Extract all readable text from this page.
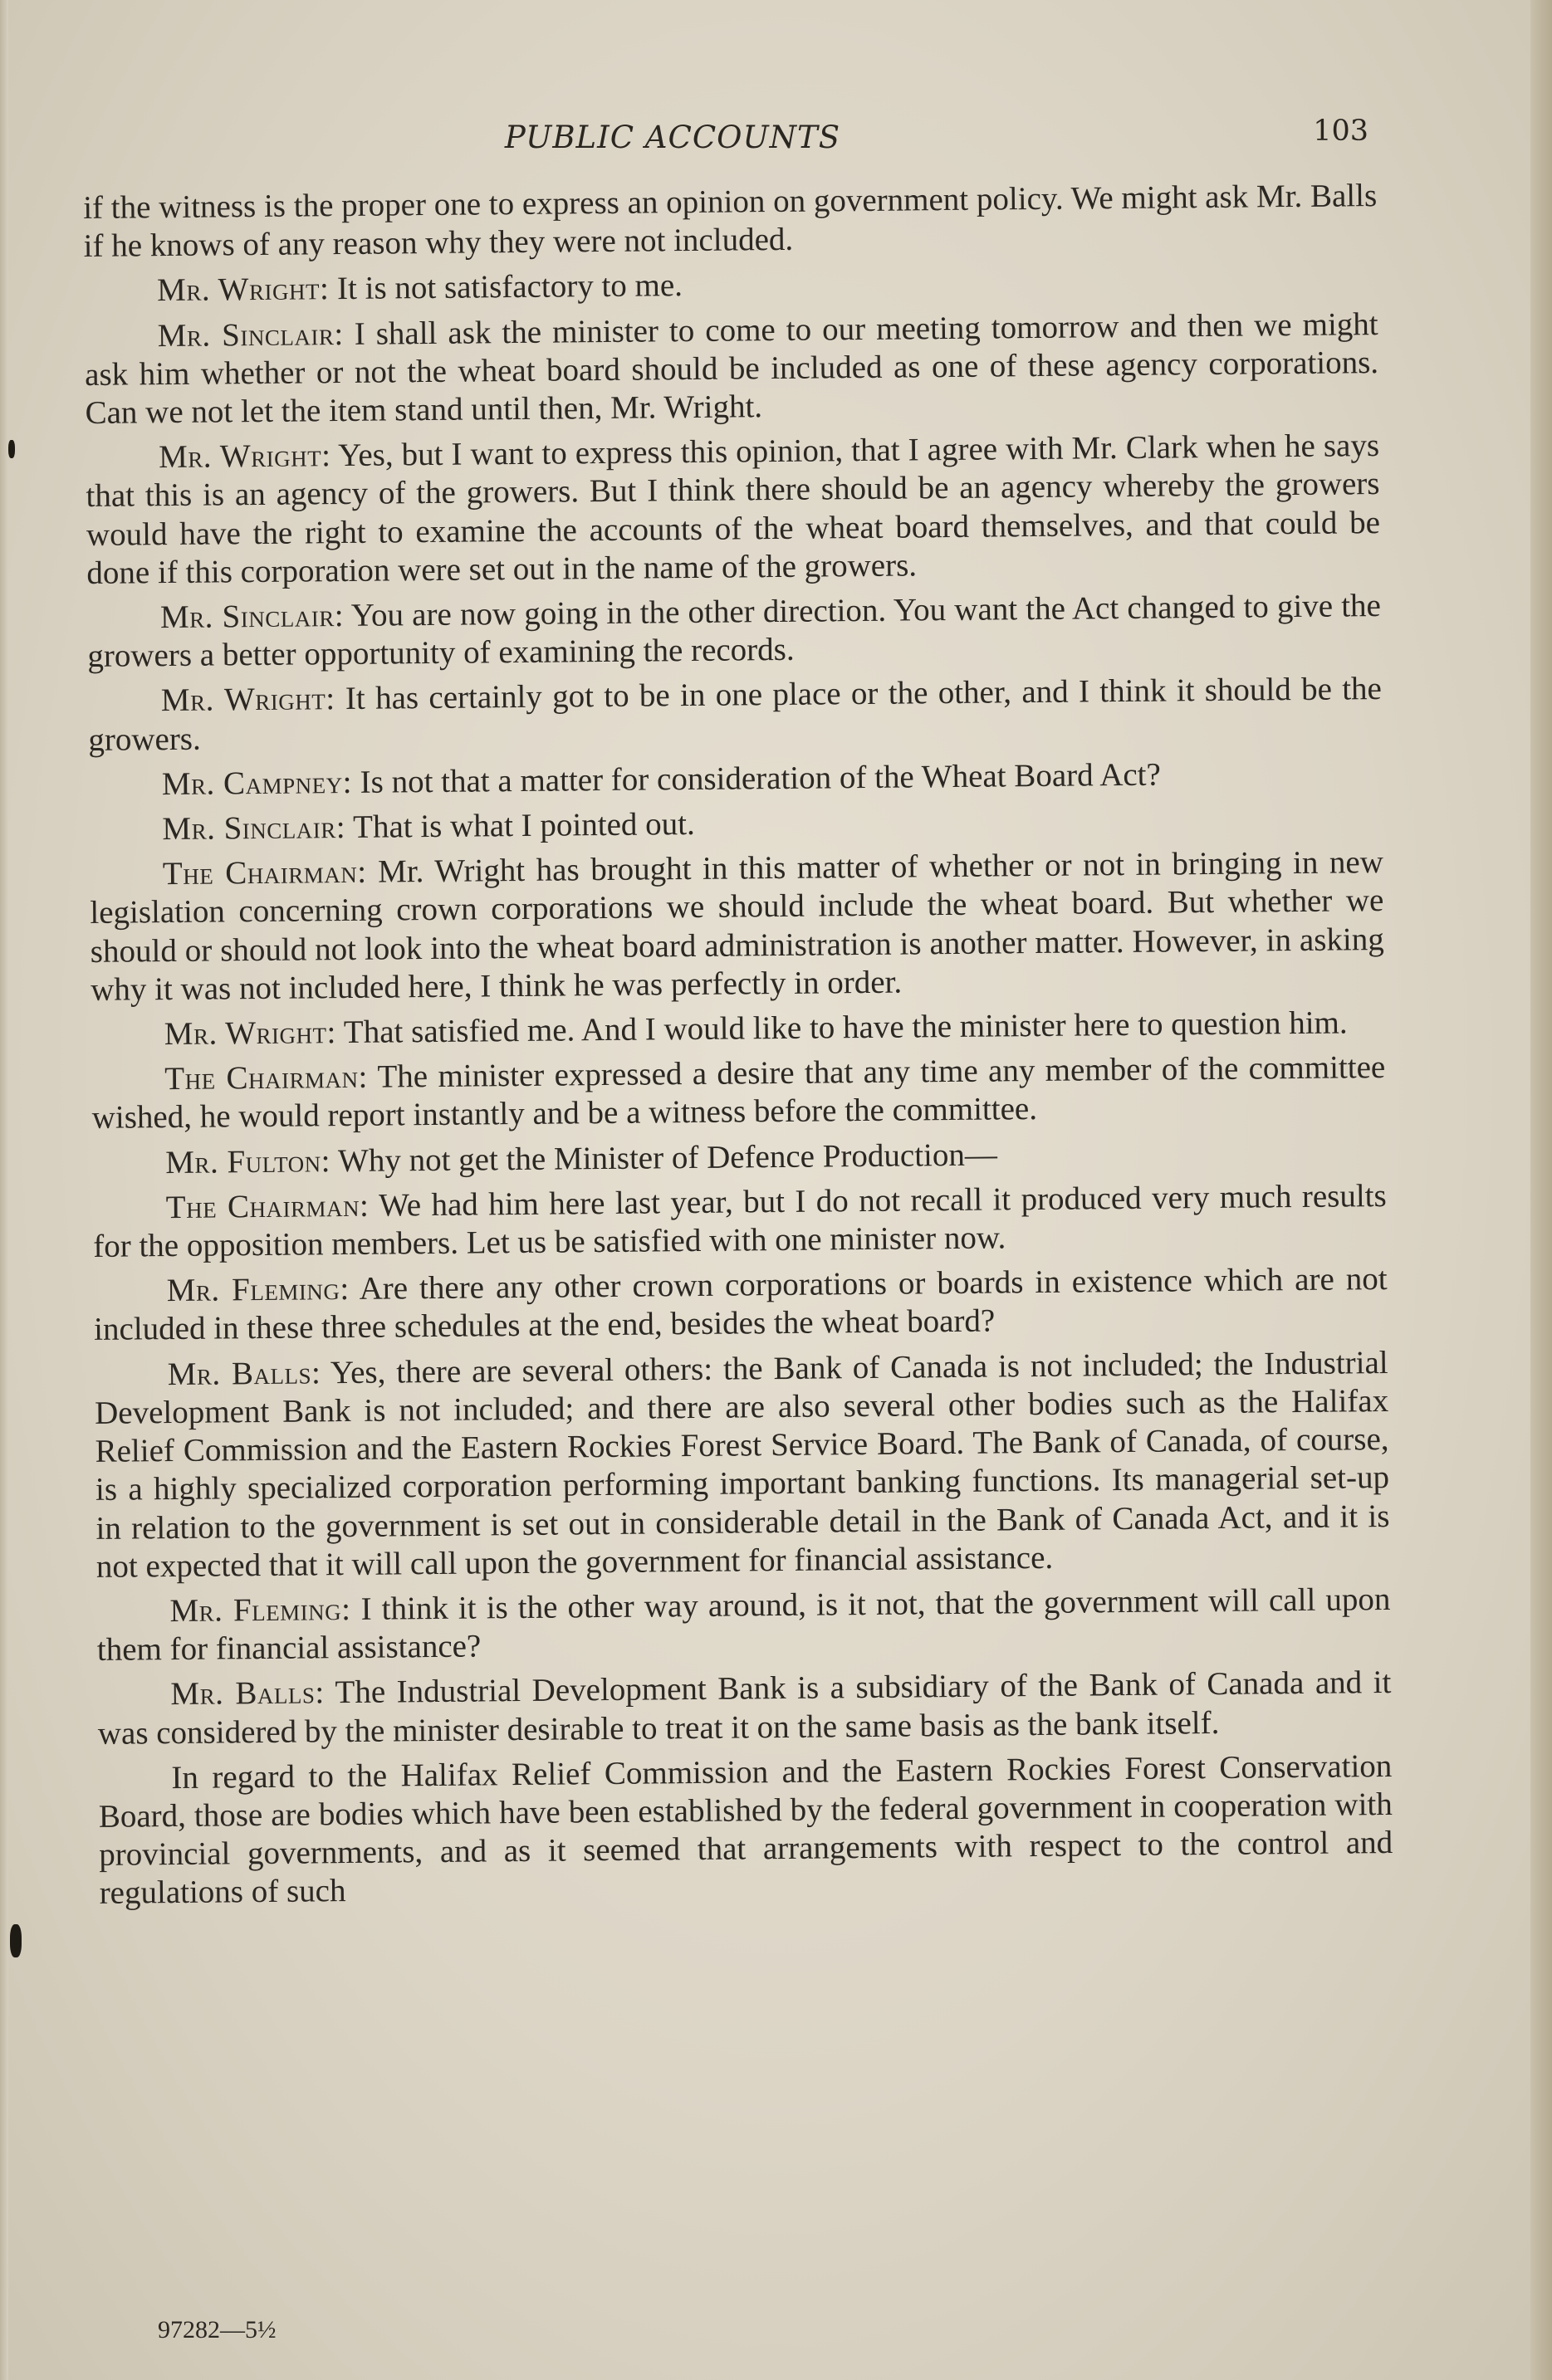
PUBLIC ACCOUNTS	103

if the witness is the proper one to express an opinion on government policy. We might ask Mr. Balls if he knows of any reason why they were not included.

Mr. Wright: It is not satisfactory to me.

Mr. Sinclair: I shall ask the minister to come to our meeting tomorrow and then we might ask him whether or not the wheat board should be included as one of these agency corporations. Can we not let the item stand until then, Mr. Wright.

Mr. Wright: Yes, but I want to express this opinion, that I agree with Mr. Clark when he says that this is an agency of the growers. But I think there should be an agency whereby the growers would have the right to examine the accounts of the wheat board themselves, and that could be done if this corporation were set out in the name of the growers.

Mr. Sinclair: You are now going in the other direction. You want the Act changed to give the growers a better opportunity of examining the records.

Mr. Wright: It has certainly got to be in one place or the other, and I think it should be the growers.

Mr. Campney: Is not that a matter for consideration of the Wheat Board Act?

Mr. Sinclair: That is what I pointed out.

The Chairman: Mr. Wright has brought in this matter of whether or not in bringing in new legislation concerning crown corporations we should include the wheat board. But whether we should or should not look into the wheat board administration is another matter. However, in asking why it was not included here, I think he was perfectly in order.

Mr. Wright: That satisfied me. And I would like to have the minister here to question him.

The Chairman: The minister expressed a desire that any time any member of the committee wished, he would report instantly and be a witness before the committee.

Mr. Fulton: Why not get the Minister of Defence Production—

The Chairman: We had him here last year, but I do not recall it produced very much results for the opposition members. Let us be satisfied with one minister now.

Mr. Fleming: Are there any other crown corporations or boards in existence which are not included in these three schedules at the end, besides the wheat board?

Mr. Balls: Yes, there are several others: the Bank of Canada is not included; the Industrial Development Bank is not included; and there are also several other bodies such as the Halifax Relief Commission and the Eastern Rockies Forest Service Board. The Bank of Canada, of course, is a highly specialized corporation performing important banking functions. Its managerial set-up in relation to the government is set out in considerable detail in the Bank of Canada Act, and it is not expected that it will call upon the government for financial assistance.

Mr. Fleming: I think it is the other way around, is it not, that the government will call upon them for financial assistance?

Mr. Balls: The Industrial Development Bank is a subsidiary of the Bank of Canada and it was considered by the minister desirable to treat it on the same basis as the bank itself.

In regard to the Halifax Relief Commission and the Eastern Rockies Forest Conservation Board, those are bodies which have been established by the federal government in cooperation with provincial governments, and as it seemed that arrangements with respect to the control and regulations of such

97282—5½
